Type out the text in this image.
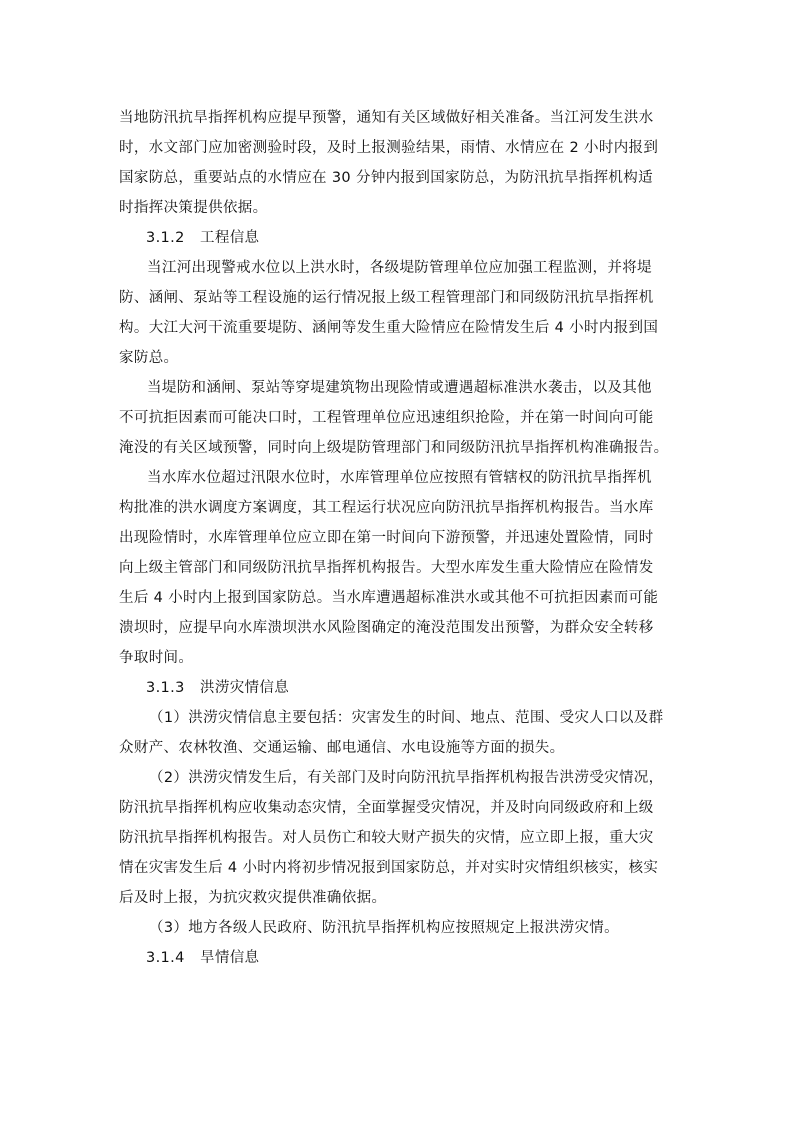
当地防汛抗旱指挥机构应提早预警，通知有关区域做好相关准备。当江河发生洪水
时，水文部门应加密测验时段，及时上报测验结果，雨情、水情应在 2 小时内报到
国家防总，重要站点的水情应在 30 分钟内报到国家防总，为防汛抗旱指挥机构适
时指挥决策提供依据。
3.1.2 工程信息
当江河出现警戒水位以上洪水时，各级堤防管理单位应加强工程监测，并将堤
防、涵闸、泵站等工程设施的运行情况报上级工程管理部门和同级防汛抗旱指挥机
构。大江大河干流重要堤防、涵闸等发生重大险情应在险情发生后 4 小时内报到国
家防总。
当堤防和涵闸、泵站等穿堤建筑物出现险情或遭遇超标准洪水袭击，以及其他
不可抗拒因素而可能决口时，工程管理单位应迅速组织抢险，并在第一时间向可能
淹没的有关区域预警，同时向上级堤防管理部门和同级防汛抗旱指挥机构准确报告。
当水库水位超过汛限水位时，水库管理单位应按照有管辖权的防汛抗旱指挥机
构批准的洪水调度方案调度，其工程运行状况应向防汛抗旱指挥机构报告。当水库
出现险情时，水库管理单位应立即在第一时间向下游预警，并迅速处置险情，同时
向上级主管部门和同级防汛抗旱指挥机构报告。大型水库发生重大险情应在险情发
生后 4 小时内上报到国家防总。当水库遭遇超标准洪水或其他不可抗拒因素而可能
溃坝时，应提早向水库溃坝洪水风险图确定的淹没范围发出预警，为群众安全转移
争取时间。
3.1.3 洪涝灾情信息
（1）洪涝灾情信息主要包括：灾害发生的时间、地点、范围、受灾人口以及群
众财产、农林牧渔、交通运输、邮电通信、水电设施等方面的损失。
（2）洪涝灾情发生后，有关部门及时向防汛抗旱指挥机构报告洪涝受灾情况，
防汛抗旱指挥机构应收集动态灾情，全面掌握受灾情况，并及时向同级政府和上级
防汛抗旱指挥机构报告。对人员伤亡和较大财产损失的灾情，应立即上报，重大灾
情在灾害发生后 4 小时内将初步情况报到国家防总，并对实时灾情组织核实，核实
后及时上报，为抗灾救灾提供准确依据。
（3）地方各级人民政府、防汛抗旱指挥机构应按照规定上报洪涝灾情。
3.1.4 旱情信息
